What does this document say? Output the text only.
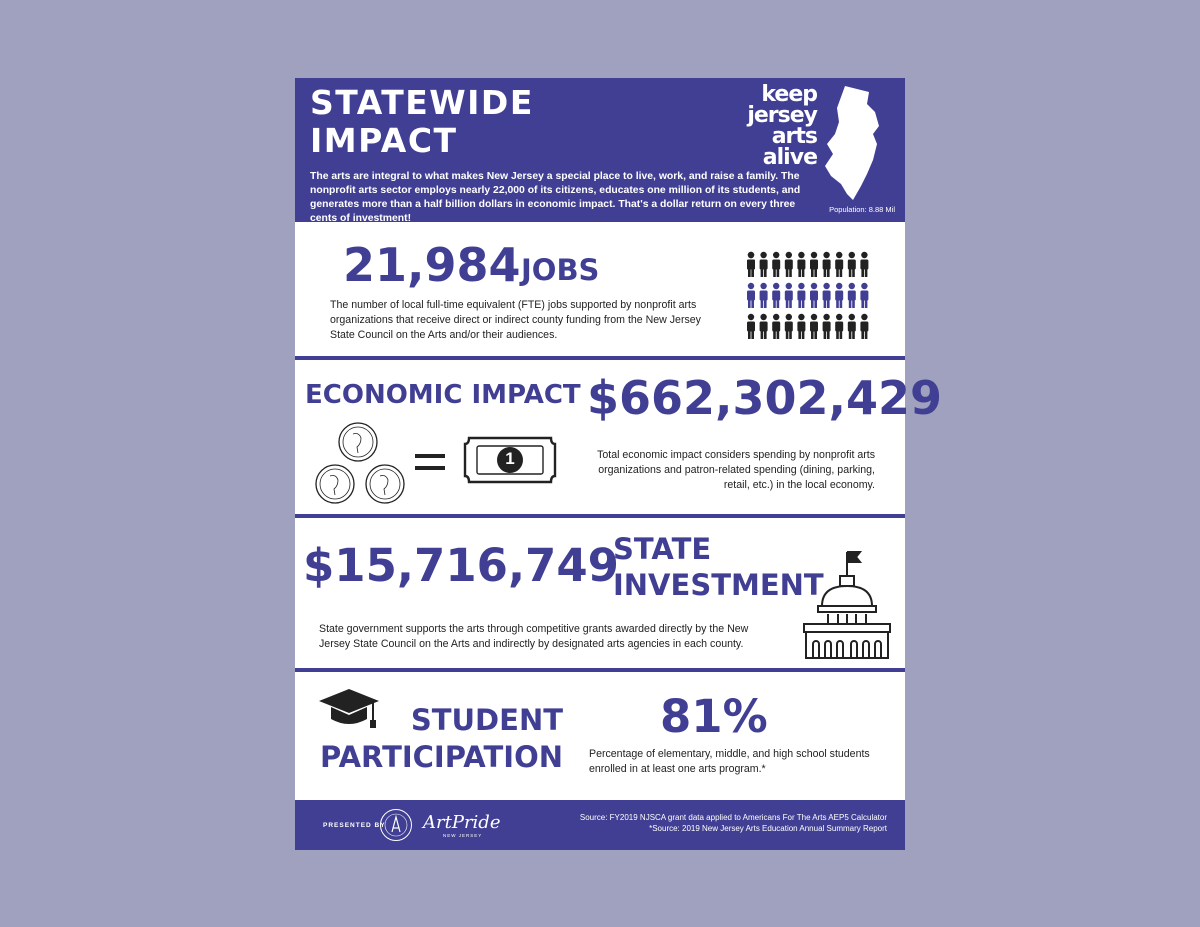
STATEWIDE
IMPACT
keep
jersey arts
alive

The arts are integral to what makes New Jersey a special place to live, work, and raise a family. The nonprofit arts sector employs nearly 22,000 of its citizens, educates one million of its students, and generates more than a half billion dollars in economic impact. That's a dollar return on every three cents of investment!

Population: 8.88 Mil
21,984 JOBS

The number of local full-time equivalent (FTE) jobs supported by nonprofit arts organizations that receive direct or indirect county funding from the New Jersey State Council on the Arts and/or their audiences.

ECONOMIC IMPACT $662,302,429
1	Total economic impact considers spending by nonprofit arts organizations and patron-related spending (dining, parking, retail, etc.) in the local economy.

$15,716,749
STATE
INVESTMENT

State government supports the arts through competitive grants awarded directly by the New Jersey State Council on the Arts and indirectly by designated arts agencies in each county.

STUDENT
PARTICIPATION
81%

Percentage of elementary, middle, and high school students enrolled in at least one arts program.*

PRESENTED BY ArtPride
NEW JERSEY
Source: FY2019 NJSCA grant data applied to Americans For The Arts AEP5 Calculator
*Source: 2019 New Jersey Arts Education Annual Summary Report
